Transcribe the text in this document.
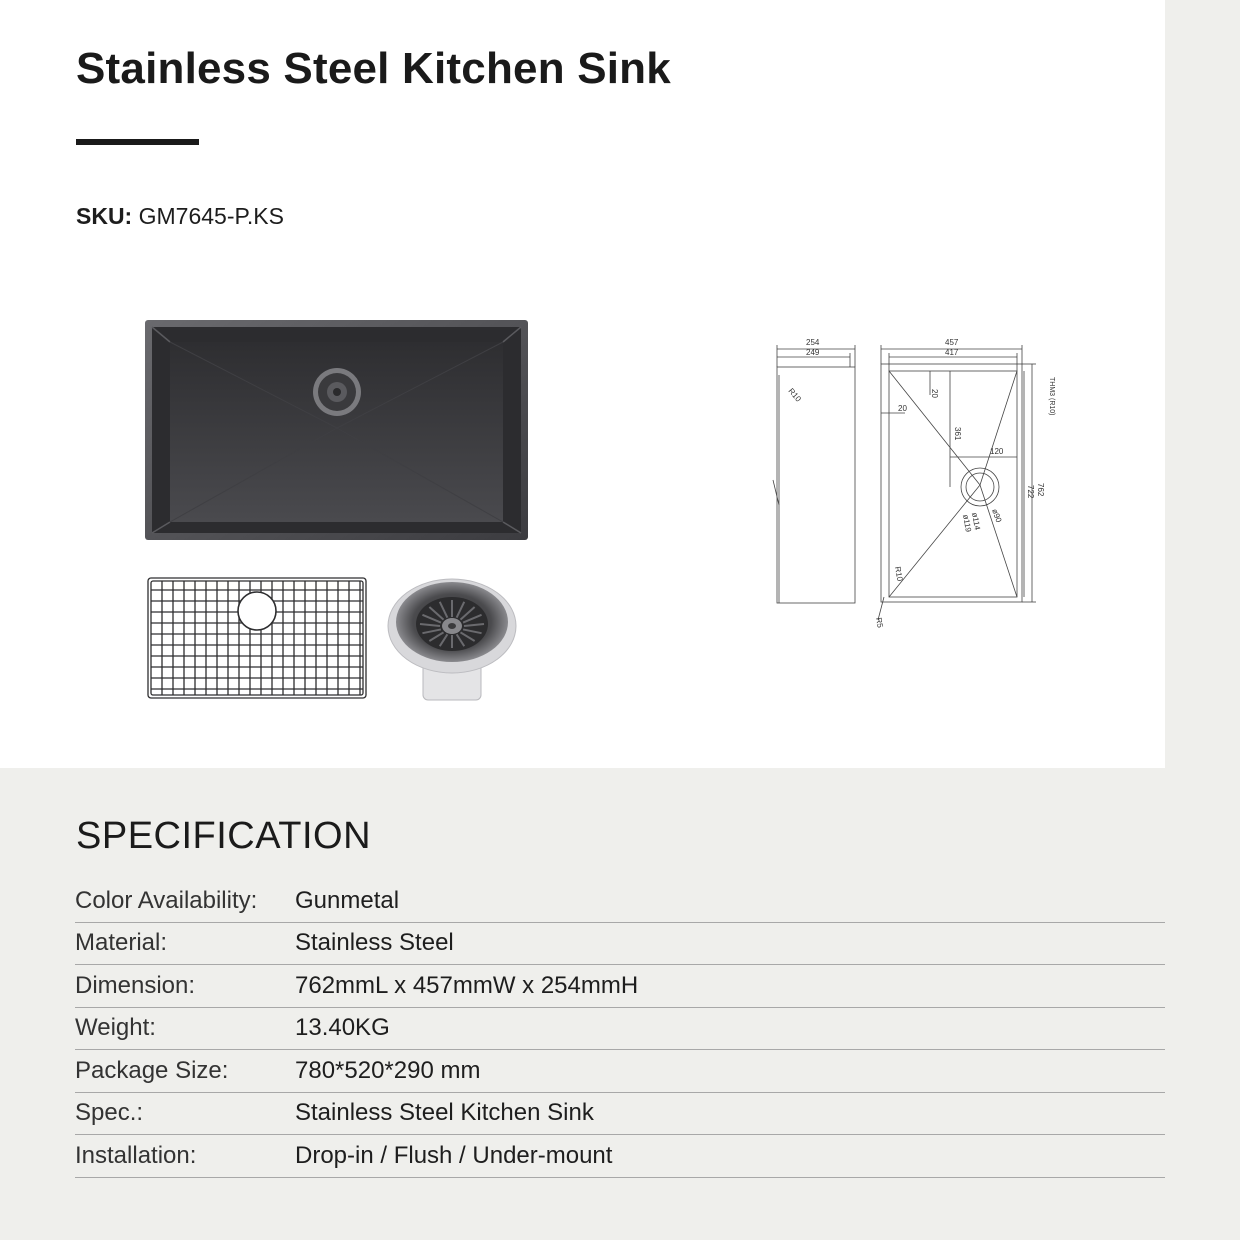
Stainless Steel Kitchen Sink
SKU: GM7645-P.KS
254
249
R10
457
417
20
20
361
120
762
722
THM3 (R10)
ø90
ø114
ø119
R10
R5
SPECIFICATION
Color Availability:	Gunmetal
Material:	Stainless Steel
Dimension:	762mmL x 457mmW x 254mmH
Weight:	13.40KG
Package Size:	780*520*290 mm
Spec.:	Stainless Steel Kitchen Sink
Installation:	Drop-in / Flush / Under-mount
